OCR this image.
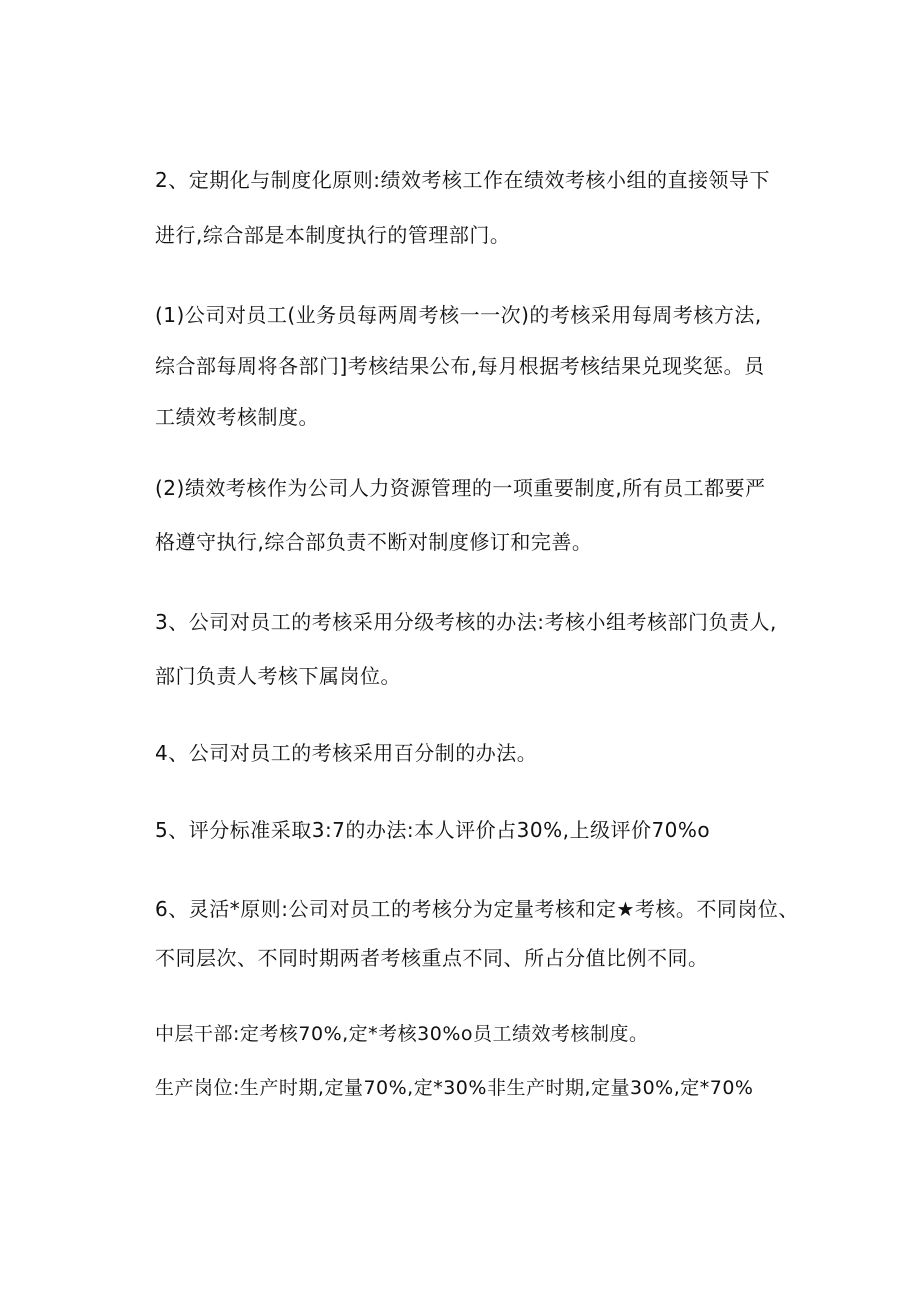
2、定期化与制度化原则:绩效考核工作在绩效考核小组的直接领导下
进行,综合部是本制度执行的管理部门。
(1)公司对员工(业务员每两周考核一一次)的考核采用每周考核方法,
综合部每周将各部门]考核结果公布,每月根据考核结果兑现奖惩。员
工绩效考核制度。
(2)绩效考核作为公司人力资源管理的一项重要制度,所有员工都要严
格遵守执行,综合部负责不断对制度修订和完善。
3、公司对员工的考核采用分级考核的办法:考核小组考核部门负责人,
部门负责人考核下属岗位。
4、公司对员工的考核采用百分制的办法。
5、评分标准采取3:7的办法:本人评价占30%,上级评价70%o
6、灵活*原则:公司对员工的考核分为定量考核和定★考核。不同岗位、
不同层次、不同时期两者考核重点不同、所占分值比例不同。
中层干部:定考核70%,定*考核30%o员工绩效考核制度。
生产岗位:生产时期,定量70%,定*30%非生产时期,定量30%,定*70%
